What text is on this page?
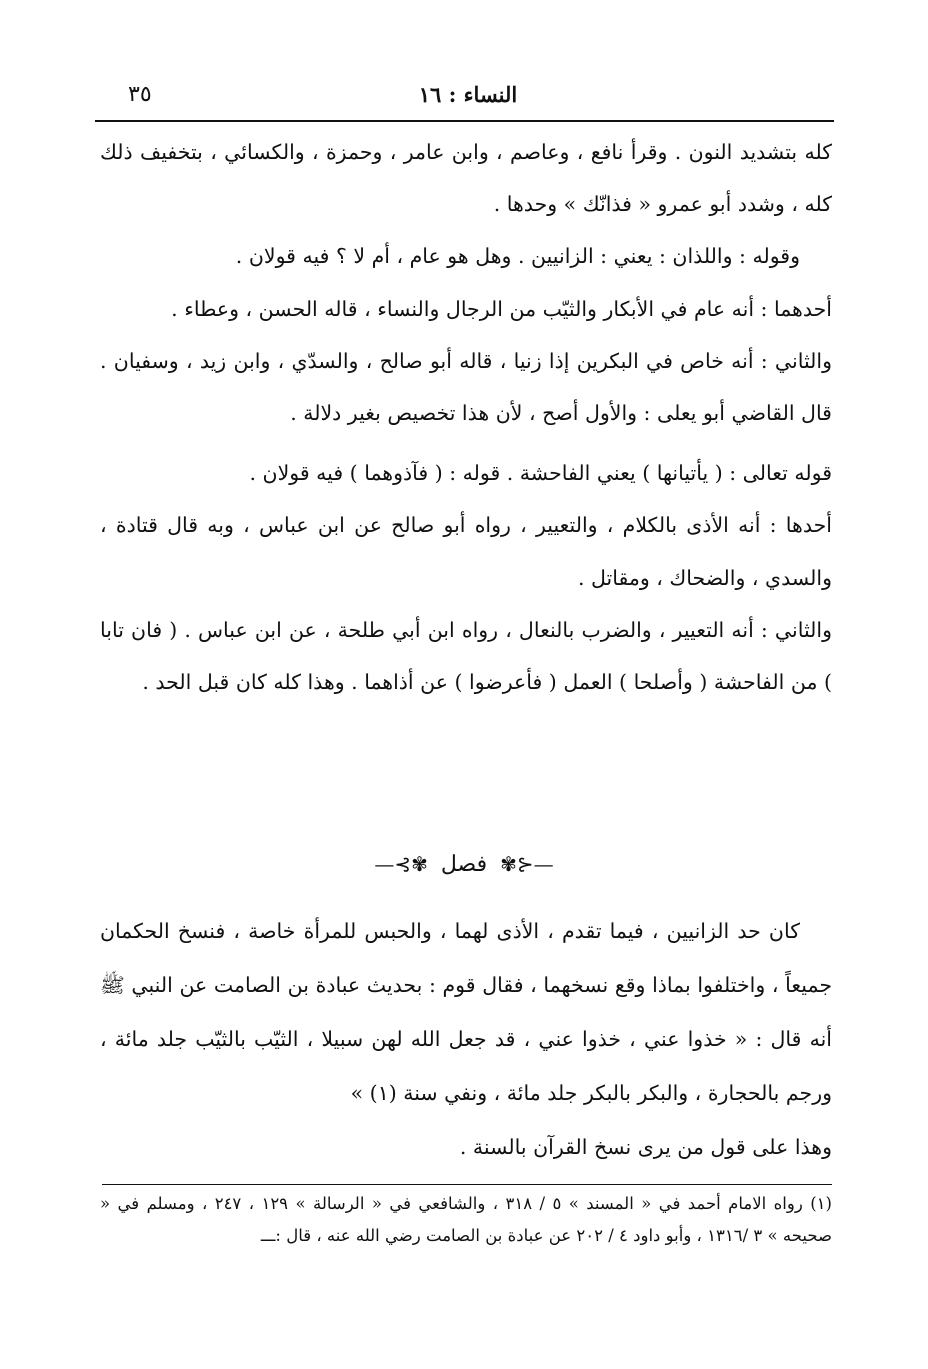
٣٥	النساء : ١٦

كله بتشديد النون . وقرأ نافع ، وعاصم ، وابن عامر ، وحمزة ، والكسائي ، بتخفيف ذلك كله ، وشدد أبو عمرو « فذانّك » وحدها .

وقوله : واللذان : يعني : الزانيين . وهل هو عام ، أم لا ؟ فيه قولان .

أحدهما : أنه عام في الأبكار والثيّب من الرجال والنساء ، قاله الحسن ، وعطاء .

والثاني : أنه خاص في البكرين إذا زنيا ، قاله أبو صالح ، والسدّي ، وابن زيد ، وسفيان . قال القاضي أبو يعلى : والأول أصح ، لأن هذا تخصيص بغير دلالة .

قوله تعالى : ( يأتيانها ) يعني الفاحشة . قوله : ( فآذوهما ) فيه قولان .

أحدها : أنه الأذى بالكلام ، والتعيير ، رواه أبو صالح عن ابن عباس ، وبه قال قتادة ، والسدي ، والضحاك ، ومقاتل .

والثاني : أنه التعيير ، والضرب بالنعال ، رواه ابن أبي طلحة ، عن ابن عباس . ( فان تابا ) من الفاحشة ( وأصلحا ) العمل ( فأعرضوا ) عن أذاهما . وهذا كله كان قبل الحد .

—⊰✾ فصل ✾⊱—

كان حد الزانيين ، فيما تقدم ، الأذى لهما ، والحبس للمرأة خاصة ، فنسخ الحكمان جميعاً ، واختلفوا بماذا وقع نسخهما ، فقال قوم : بحديث عبادة بن الصامت عن النبي ﷺ أنه قال : « خذوا عني ، خذوا عني ، قد جعل الله لهن سبيلا ، الثيّب بالثيّب جلد مائة ، ورجم بالحجارة ، والبكر بالبكر جلد مائة ، ونفي سنة (١) »

وهذا على قول من يرى نسخ القرآن بالسنة .

(١) رواه الامام أحمد في « المسند » ٥ / ٣١٨ ، والشافعي في « الرسالة » ١٢٩ ، ٢٤٧ ، ومسلم في « صحيحه » ٣ /١٣١٦ ، وأبو داود ٤ / ٢٠٢ عن عبادة بن الصامت رضي الله عنه ، قال :ـــ
